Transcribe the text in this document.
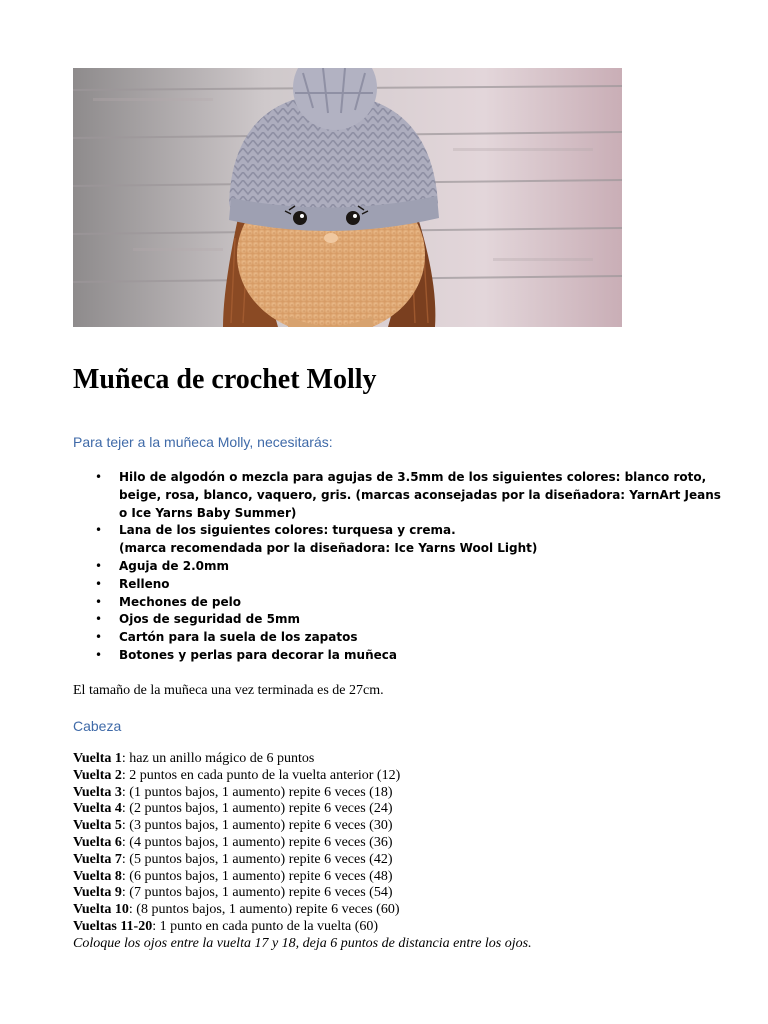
Muñeca de crochet Molly
Para tejer a la muñeca Molly, necesitarás:
• Hilo de algodón o mezcla para agujas de 3.5mm de los siguientes colores: blanco roto, beige, rosa, blanco, vaquero, gris. (marcas aconsejadas por la diseñadora: YarnArt Jeans o Ice Yarns Baby Summer)
• Lana de los siguientes colores: turquesa y crema.
(marca recomendada por la diseñadora: Ice Yarns Wool Light)
• Aguja de 2.0mm
• Relleno
• Mechones de pelo
• Ojos de seguridad de 5mm
• Cartón para la suela de los zapatos
• Botones y perlas para decorar la muñeca
El tamaño de la muñeca una vez terminada es de 27cm.
Cabeza
Vuelta 1: haz un anillo mágico de 6 puntos
Vuelta 2: 2 puntos en cada punto de la vuelta anterior (12)
Vuelta 3: (1 puntos bajos, 1 aumento) repite 6 veces (18)
Vuelta 4: (2 puntos bajos, 1 aumento) repite 6 veces (24)
Vuelta 5: (3 puntos bajos, 1 aumento) repite 6 veces (30)
Vuelta 6: (4 puntos bajos, 1 aumento) repite 6 veces (36)
Vuelta 7: (5 puntos bajos, 1 aumento) repite 6 veces (42)
Vuelta 8: (6 puntos bajos, 1 aumento) repite 6 veces (48)
Vuelta 9: (7 puntos bajos, 1 aumento) repite 6 veces (54)
Vuelta 10: (8 puntos bajos, 1 aumento) repite 6 veces (60)
Vueltas 11-20: 1 punto en cada punto de la vuelta (60)
Coloque los ojos entre la vuelta 17 y 18, deja 6 puntos de distancia entre los ojos.
